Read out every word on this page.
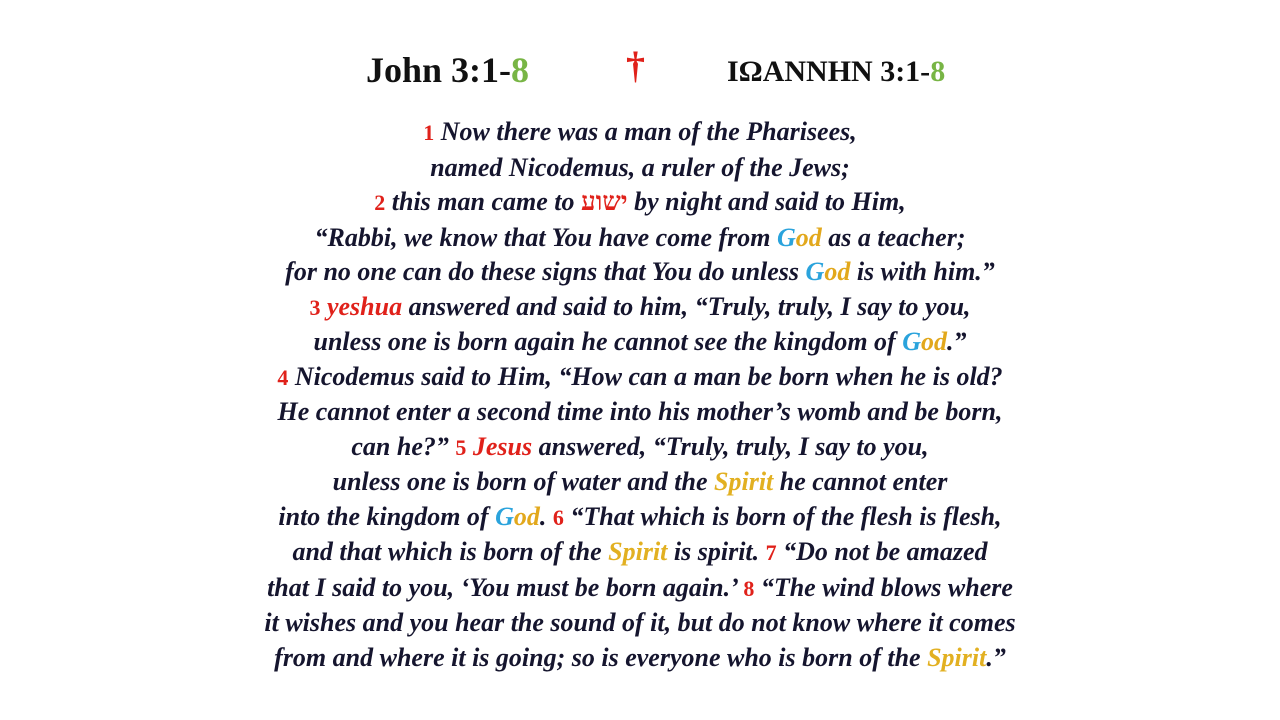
John 3:1-8	†	ΙΩΑΝΝΗΝ 3:1-8
1 Now there was a man of the Pharisees,
named Nicodemus, a ruler of the Jews;
2 this man came to ישוע by night and said to Him,
“Rabbi, we know that You have come from God as a teacher;
for no one can do these signs that You do unless God is with him.”
3 yeshua answered and said to him, “Truly, truly, I say to you,
unless one is born again he cannot see the kingdom of God.”
4 Nicodemus said to Him, “How can a man be born when he is old?
He cannot enter a second time into his mother’s womb and be born,
can he?” 5 Jesus answered, “Truly, truly, I say to you,
unless one is born of water and the Spirit he cannot enter
into the kingdom of God. 6 “That which is born of the flesh is flesh,
and that which is born of the Spirit is spirit. 7 “Do not be amazed
that I said to you, ‘You must be born again.’ 8 “The wind blows where
it wishes and you hear the sound of it, but do not know where it comes
from and where it is going; so is everyone who is born of the Spirit.”
